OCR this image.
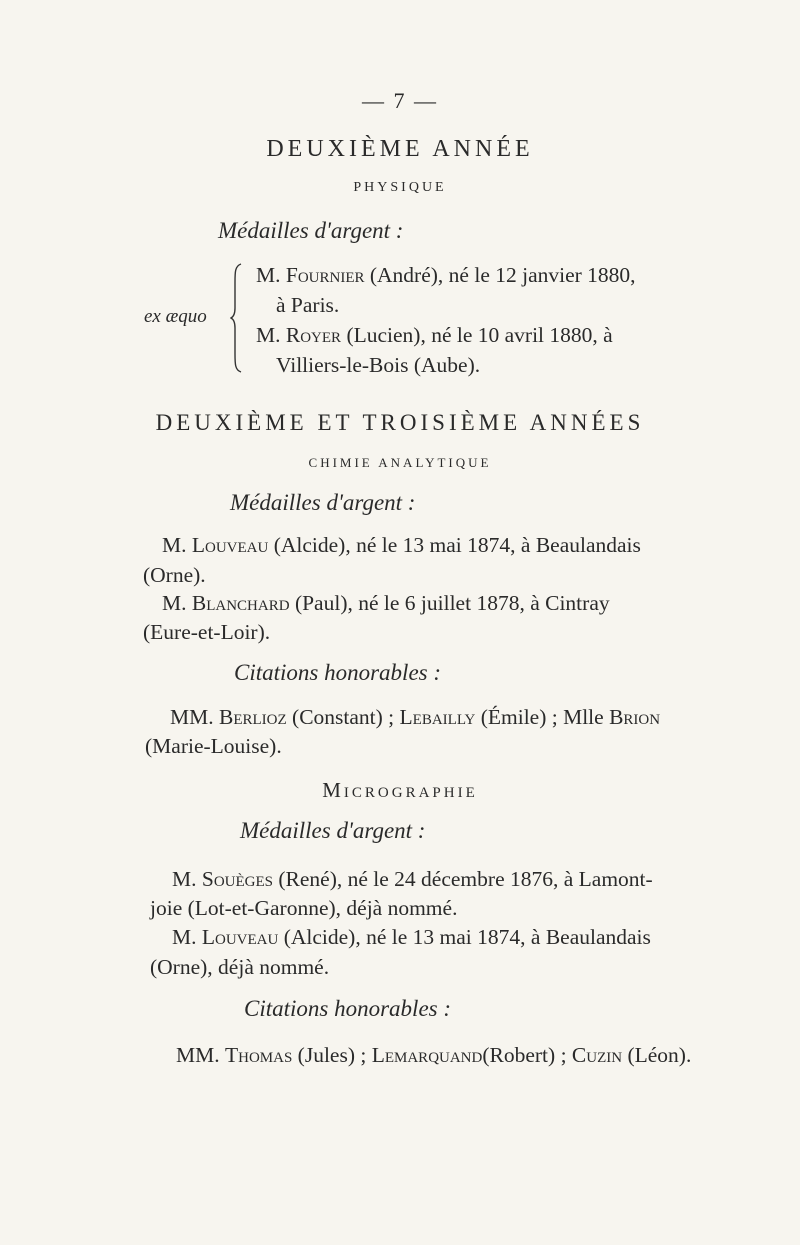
— 7 —
DEUXIÈME ANNÉE
PHYSIQUE
Médailles d'argent :
ex æquo
M. Fournier (André), né le 12 janvier 1880,
à Paris.
M. Royer (Lucien), né le 10 avril 1880, à
Villiers-le-Bois (Aube).
DEUXIÈME ET TROISIÈME ANNÉES
CHIMIE ANALYTIQUE
Médailles d'argent :
M. Louveau (Alcide), né le 13 mai 1874, à Beaulandais
(Orne).
M. Blanchard (Paul), né le 6 juillet 1878, à Cintray
(Eure-et-Loir).
Citations honorables :
MM. Berlioz (Constant) ; Lebailly (Émile) ; Mlle Brion
(Marie-Louise).
Micrographie
Médailles d'argent :
M. Souèges (René), né le 24 décembre 1876, à Lamont-
joie (Lot-et-Garonne), déjà nommé.
M. Louveau (Alcide), né le 13 mai 1874, à Beaulandais
(Orne), déjà nommé.
Citations honorables :
MM. Thomas (Jules) ; Lemarquand(Robert) ; Cuzin (Léon).
